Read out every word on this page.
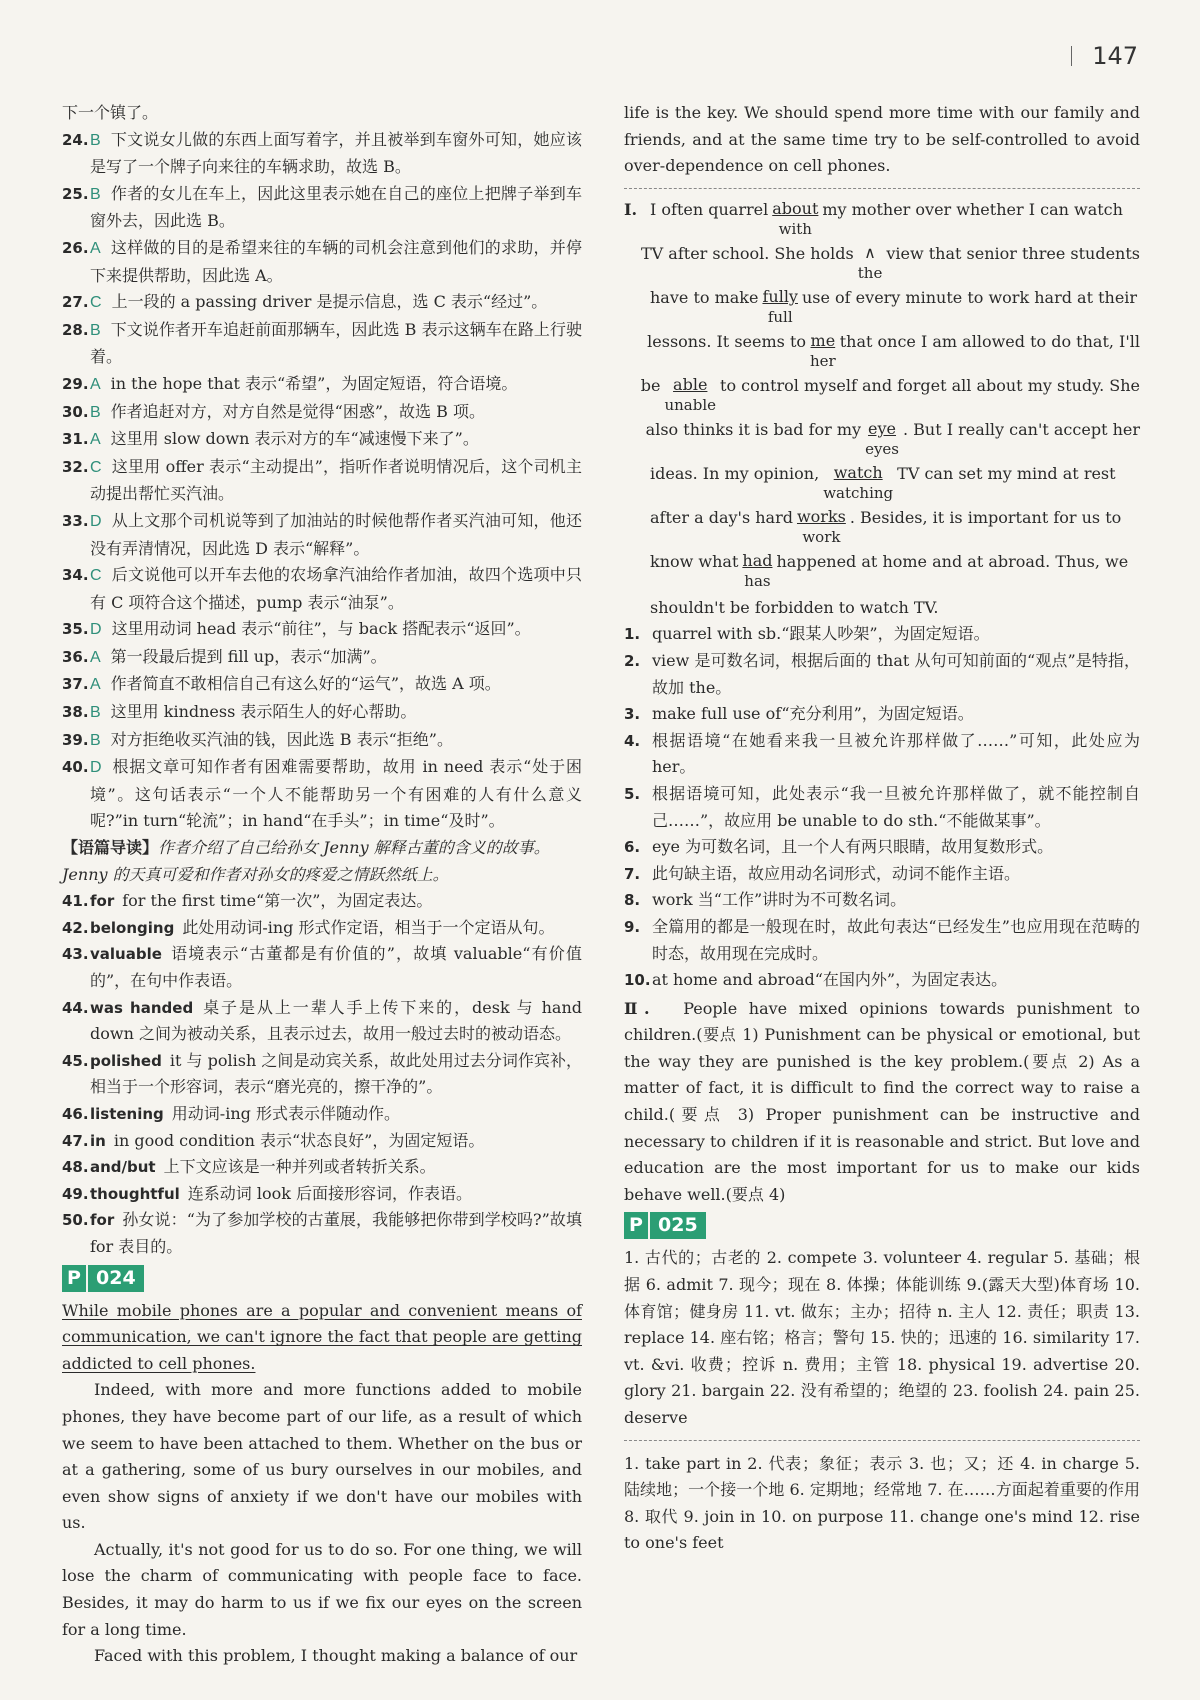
147
下一个镇了。
24. B 下文说女儿做的东西上面写着字，并且被举到车窗外可知，她应该是写了一个牌子向来往的车辆求助，故选 B。
25. B 作者的女儿在车上，因此这里表示她在自己的座位上把牌子举到车窗外去，因此选 B。
26. A 这样做的目的是希望来往的车辆的司机会注意到他们的求助，并停下来提供帮助，因此选 A。
27. C 上一段的 a passing driver 是提示信息，选 C 表示“经过”。
28. B 下文说作者开车追赶前面那辆车，因此选 B 表示这辆车在路上行驶着。
29. A in the hope that 表示“希望”，为固定短语，符合语境。
30. B 作者追赶对方，对方自然是觉得“困惑”，故选 B 项。
31. A 这里用 slow down 表示对方的车“减速慢下来了”。
32. C 这里用 offer 表示“主动提出”，指听作者说明情况后，这个司机主动提出帮忙买汽油。
33. D 从上文那个司机说等到了加油站的时候他帮作者买汽油可知，他还没有弄清情况，因此选 D 表示“解释”。
34. C 后文说他可以开车去他的农场拿汽油给作者加油，故四个选项中只有 C 项符合这个描述，pump 表示“油泵”。
35. D 这里用动词 head 表示“前往”，与 back 搭配表示“返回”。
36. A 第一段最后提到 fill up，表示“加满”。
37. A 作者简直不敢相信自己有这么好的“运气”，故选 A 项。
38. B 这里用 kindness 表示陌生人的好心帮助。
39. B 对方拒绝收买汽油的钱，因此选 B 表示“拒绝”。
40. D 根据文章可知作者有困难需要帮助，故用 in need 表示“处于困境”。这句话表示“一个人不能帮助另一个有困难的人有什么意义呢?”in turn“轮流”；in hand“在手头”；in time“及时”。
【语篇导读】作者介绍了自己给孙女 Jenny 解释古董的含义的故事。Jenny 的天真可爱和作者对孙女的疼爱之情跃然纸上。
41. for for the first time“第一次”，为固定表达。
42. belonging 此处用动词-ing 形式作定语，相当于一个定语从句。
43. valuable 语境表示“古董都是有价值的”，故填 valuable“有价值的”，在句中作表语。
44. was handed 桌子是从上一辈人手上传下来的，desk 与 hand down 之间为被动关系，且表示过去，故用一般过去时的被动语态。
45. polished it 与 polish 之间是动宾关系，故此处用过去分词作宾补，相当于一个形容词，表示“磨光亮的，擦干净的”。
46. listening 用动词-ing 形式表示伴随动作。
47. in in good condition 表示“状态良好”，为固定短语。
48. and/but 上下文应该是一种并列或者转折关系。
49. thoughtful 连系动词 look 后面接形容词，作表语。
50. for 孙女说：“为了参加学校的古董展，我能够把你带到学校吗?”故填 for 表目的。
P 024

While mobile phones are a popular and convenient means of communication, we can't ignore the fact that people are getting addicted to cell phones.

Indeed, with more and more functions added to mobile phones, they have become part of our life, as a result of which we seem to have been attached to them. Whether on the bus or at a gathering, some of us bury ourselves in our mobiles, and even show signs of anxiety if we don't have our mobiles with us.

Actually, it's not good for us to do so. For one thing, we will lose the charm of communicating with people face to face. Besides, it may do harm to us if we fix our eyes on the screen for a long time.

Faced with this problem, I thought making a balance of our

life is the key. We should spend more time with our family and friends, and at the same time try to be self-controlled to avoid over-dependence on cell phones.

Ⅰ. I often quarrel about
with
my mother over whether I can watch
TV after school. She holds ∧
the
view that senior three students
have to make fully
full
use of every minute to work hard at their
lessons. It seems to me
her
that once I am allowed to do that, I'll
be able
unable
to control myself and forget all about my study. She
also thinks it is bad for my eye
eyes
. But I really can't accept her
ideas. In my opinion, watch
watching
TV can set my mind at rest
after a day's hard works
work
. Besides, it is important for us to
know what had
has
happened at home and at abroad. Thus, we
shouldn't be forbidden to watch TV.
1. quarrel with sb.“跟某人吵架”，为固定短语。
2. view 是可数名词，根据后面的 that 从句可知前面的“观点”是特指，故加 the。
3. make full use of“充分利用”，为固定短语。
4. 根据语境“在她看来我一旦被允许那样做了……”可知，此处应为 her。
5. 根据语境可知，此处表示“我一旦被允许那样做了，就不能控制自己……”，故应用 be unable to do sth.“不能做某事”。
6. eye 为可数名词，且一个人有两只眼睛，故用复数形式。
7. 此句缺主语，故应用动名词形式，动词不能作主语。
8. work 当“工作”讲时为不可数名词。
9. 全篇用的都是一般现在时，故此句表达“已经发生”也应用现在范畴的时态，故用现在完成时。
10. at home and abroad“在国内外”，为固定表达。
Ⅱ. People have mixed opinions towards punishment to children.(要点 1) Punishment can be physical or emotional, but the way they are punished is the key problem.(要点 2) As a matter of fact, it is difficult to find the correct way to raise a child.(要点 3) Proper punishment can be instructive and necessary to children if it is reasonable and strict. But love and education are the most important for us to make our kids behave well.(要点 4)
P 025
1. 古代的；古老的 2. compete 3. volunteer 4. regular 5. 基础；根据 6. admit 7. 现今；现在 8. 体操；体能训练 9.(露天大型)体育场 10. 体育馆；健身房 11. vt. 做东；主办；招待 n. 主人 12. 责任；职责 13. replace 14. 座右铭；格言；警句 15. 快的；迅速的 16. similarity 17. vt. &vi. 收费；控诉 n. 费用；主管 18. physical 19. advertise 20. glory 21. bargain 22. 没有希望的；绝望的 23. foolish 24. pain 25. deserve
1. take part in 2. 代表；象征；表示 3. 也；又；还 4. in charge 5. 陆续地；一个接一个地 6. 定期地；经常地 7. 在……方面起着重要的作用 8. 取代 9. join in 10. on purpose 11. change one's mind 12. rise to one's feet
